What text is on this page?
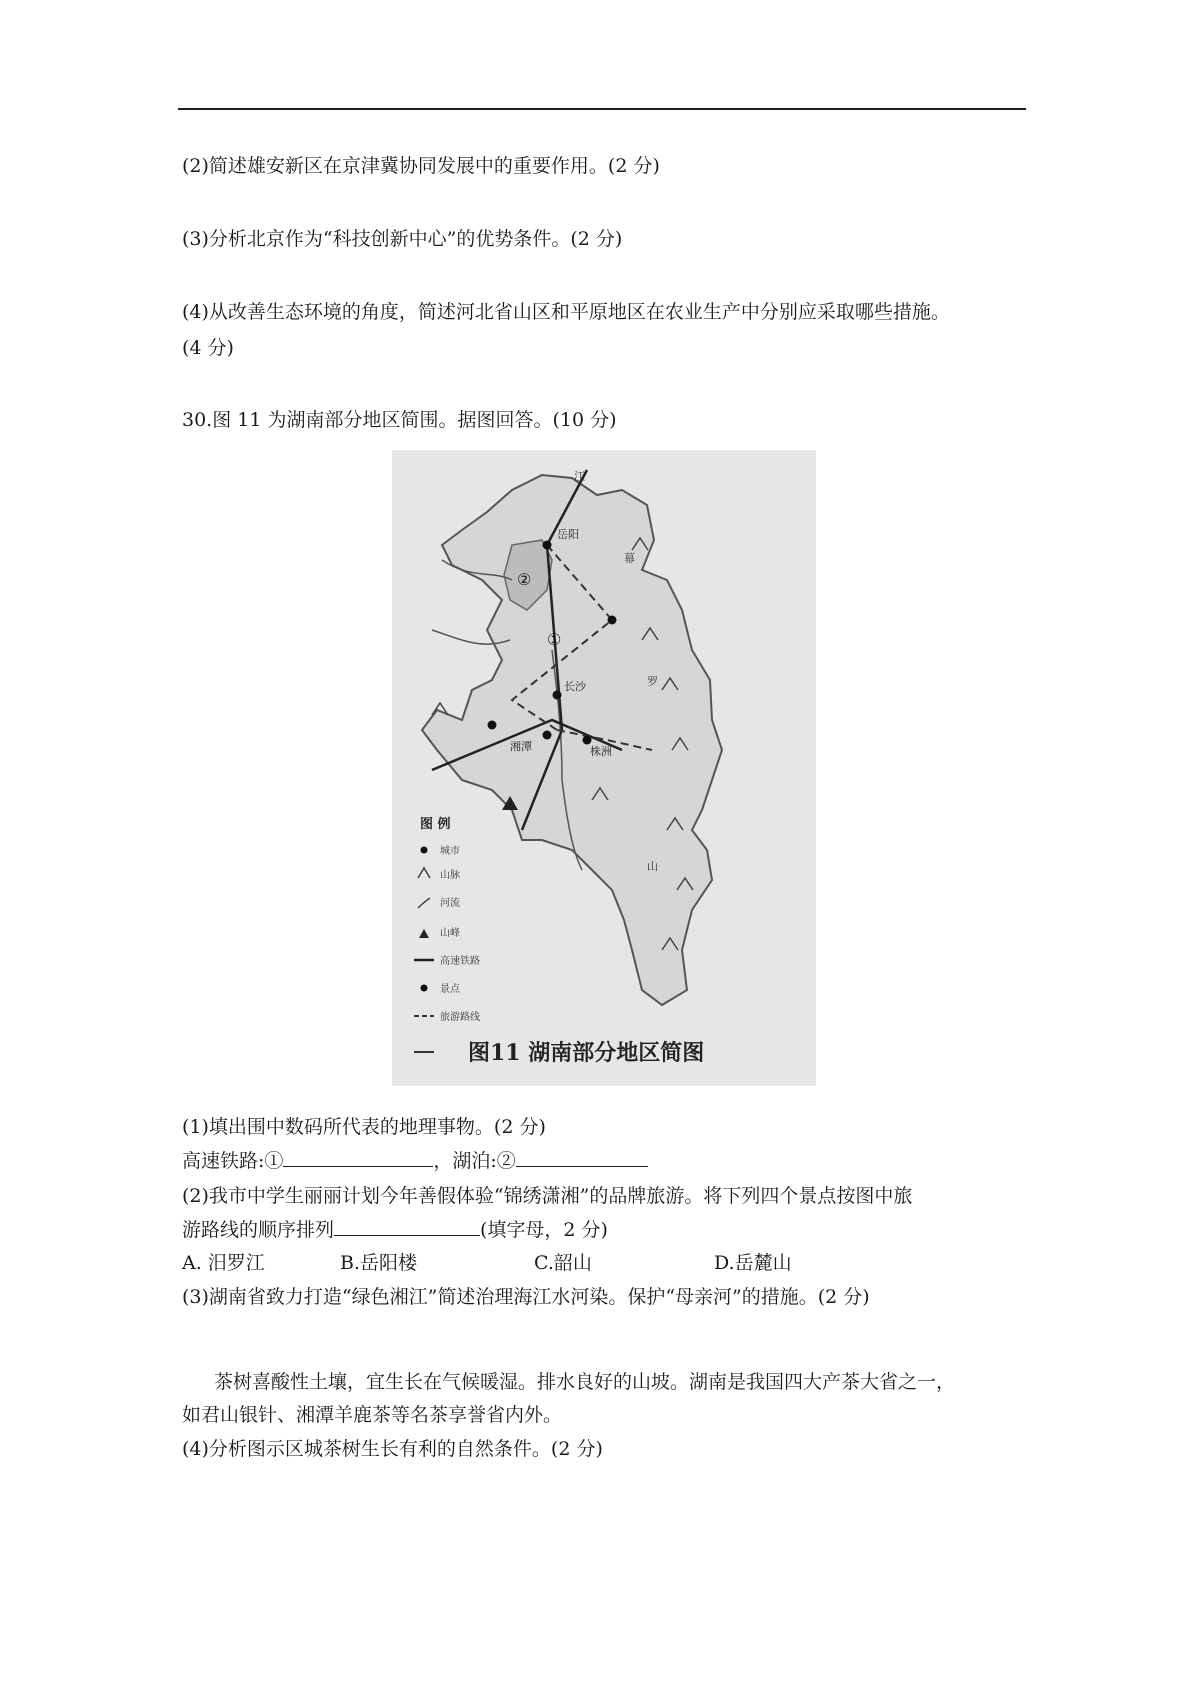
(2)简述雄安新区在京津冀协同发展中的重要作用。(2 分)
(3)分析北京作为“科技创新中心”的优势条件。(2 分)
(4)从改善生态环境的角度，简述河北省山区和平原地区在农业生产中分别应采取哪些措施。
(4 分)
30.图 11 为湖南部分地区简围。据图回答。(10 分)
岳阳
长沙
湘潭	株洲
江
幕
罗
山
①
②
图 例
城市
山脉
河流
山峰
高速铁路
景点
旅游路线
图11 湖南部分地区简图
(1)填出围中数码所代表的地理事物。(2 分)
高速铁路:①	，湖泊:②
(2)我市中学生丽丽计划今年善假体验“锦绣潇湘”的品牌旅游。将下列四个景点按图中旅
游路线的顺序排列	(填字母，2 分)
A. 汨罗江	B.岳阳楼	C.韶山	D.岳麓山
(3)湖南省致力打造“绿色湘江”简述治理海江水河染。保护“母亲河”的措施。(2 分)
茶树喜酸性土壤，宜生长在气候暖湿。排水良好的山坡。湖南是我国四大产茶大省之一，
如君山银针、湘潭羊鹿茶等名茶享誉省内外。
(4)分析图示区城茶树生长有利的自然条件。(2 分)
